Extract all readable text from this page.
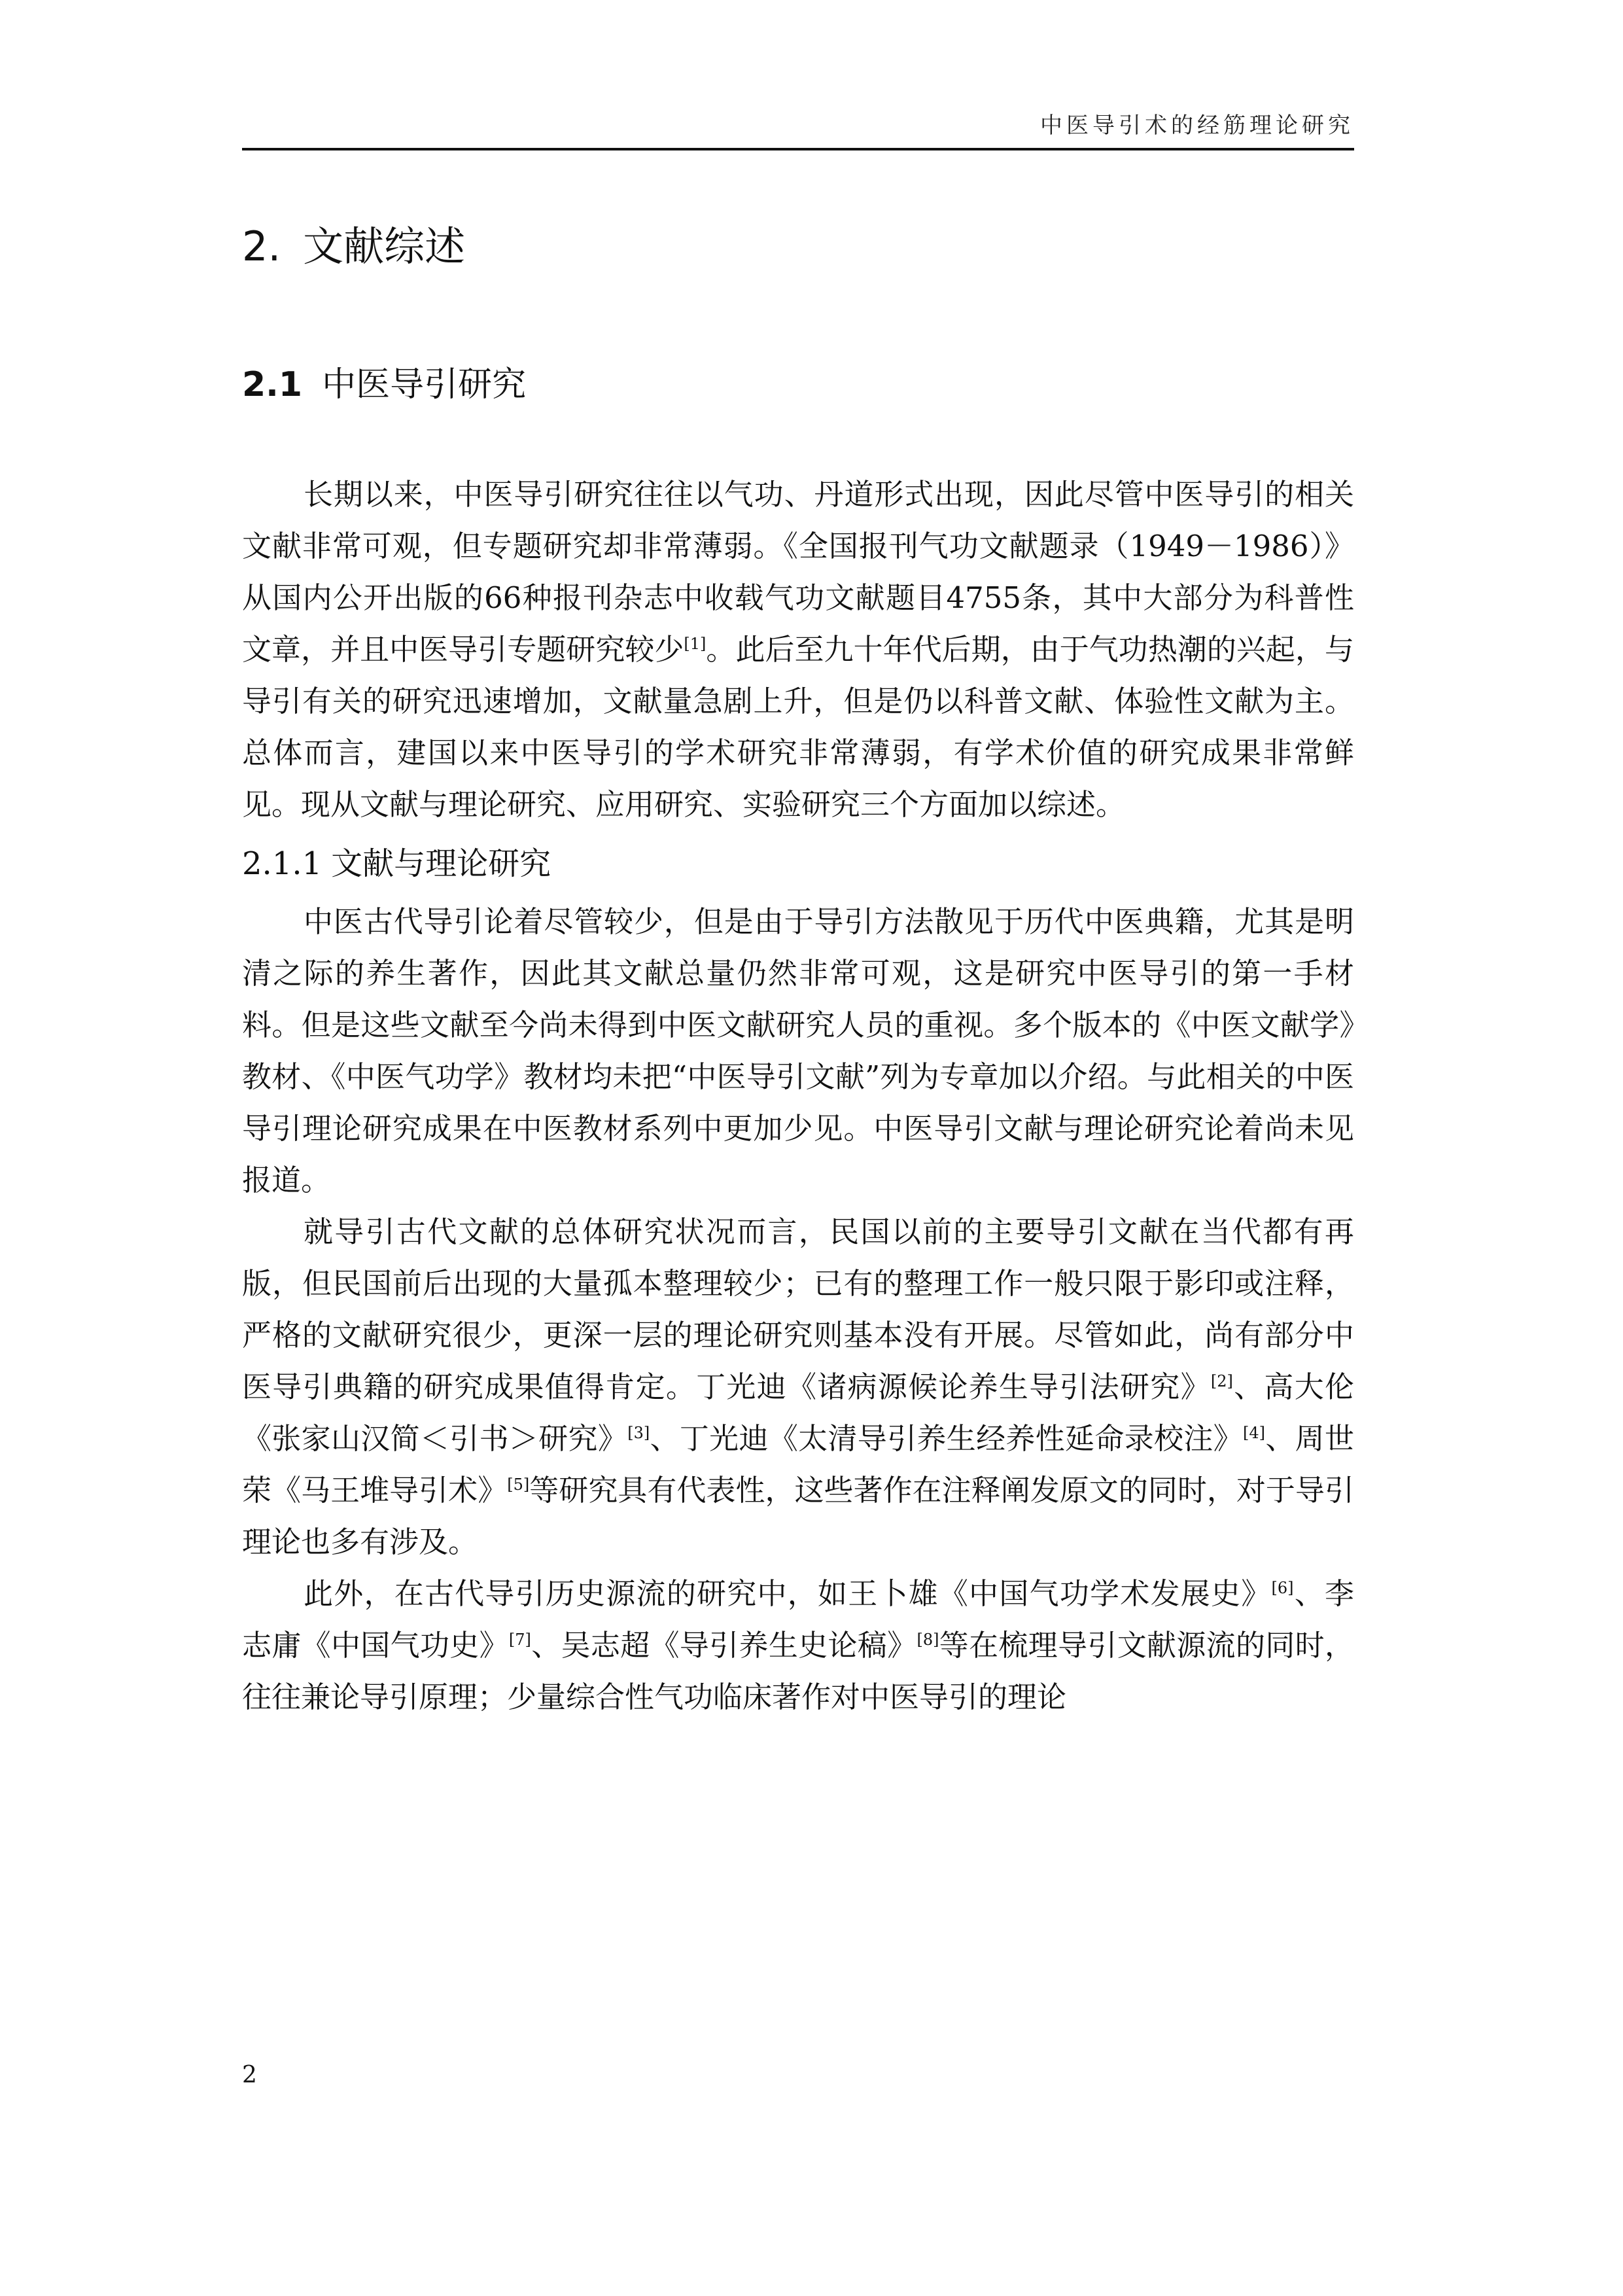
中医导引术的经筋理论研究
2. 文献综述
2.1 中医导引研究

长期以来，中医导引研究往往以气功、丹道形式出现，因此尽管中医导引的相关文献非常可观，但专题研究却非常薄弱。《全国报刊气功文献题录（1949－1986）》从国内公开出版的66种报刊杂志中收载气功文献题目4755条，其中大部分为科普性文章，并且中医导引专题研究较少[1]。此后至九十年代后期，由于气功热潮的兴起，与导引有关的研究迅速增加，文献量急剧上升，但是仍以科普文献、体验性文献为主。总体而言，建国以来中医导引的学术研究非常薄弱，有学术价值的研究成果非常鲜见。现从文献与理论研究、应用研究、实验研究三个方面加以综述。

2.1.1 文献与理论研究

中医古代导引论着尽管较少，但是由于导引方法散见于历代中医典籍，尤其是明清之际的养生著作，因此其文献总量仍然非常可观，这是研究中医导引的第一手材料。但是这些文献至今尚未得到中医文献研究人员的重视。多个版本的《中医文献学》教材、《中医气功学》教材均未把“中医导引文献”列为专章加以介绍。与此相关的中医导引理论研究成果在中医教材系列中更加少见。中医导引文献与理论研究论着尚未见报道。

就导引古代文献的总体研究状况而言，民国以前的主要导引文献在当代都有再版，但民国前后出现的大量孤本整理较少；已有的整理工作一般只限于影印或注释，严格的文献研究很少，更深一层的理论研究则基本没有开展。尽管如此，尚有部分中医导引典籍的研究成果值得肯定。丁光迪《诸病源候论养生导引法研究》[2]、高大伦《张家山汉简＜引书＞研究》[3]、丁光迪《太清导引养生经养性延命录校注》[4]、周世荣《马王堆导引术》[5]等研究具有代表性，这些著作在注释阐发原文的同时，对于导引理论也多有涉及。

此外，在古代导引历史源流的研究中，如王卜雄《中国气功学术发展史》[6]、李志庸《中国气功史》[7]、吴志超《导引养生史论稿》[8]等在梳理导引文献源流的同时，往往兼论导引原理；少量综合性气功临床著作对中医导引的理论

2
